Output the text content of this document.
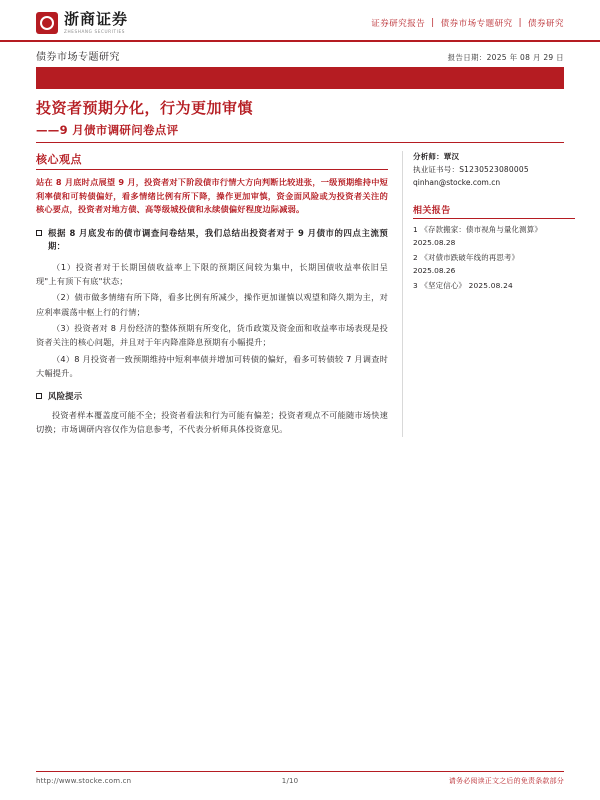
浙商证券
ZHESHANG SECURITIES
证券研究报告 | 债券市场专题研究 | 债券研究
债券市场专题研究	报告日期：2025 年 08 月 29 日
投资者预期分化，行为更加审慎
——9 月债市调研问卷点评
核心观点

站在 8 月底时点展望 9 月，投资者对下阶段债市行情大方向判断比较进张，一级预期维持中短利率债和可转债偏好，看多情绪比例有所下降，操作更加审慎，资金面风险或为投资者关注的核心要点，投资者对地方债、高等级城投债和永续债偏好程度边际减弱。

根据 8 月底发布的债市调查问卷结果，我们总结出投资者对于 9 月债市的四点主流预期：

（1）投资者对于长期国债收益率上下限的预期区间较为集中，长期国债收益率依旧呈现"上有顶下有底"状态；

（2）债市做多情绪有所下降，看多比例有所减少，操作更加谨慎以观望和降久期为主，对应利率震荡中枢上行的行情；

（3）投资者对 8 月份经济的整体预期有所变化，货币政策及资金面和收益率市场表现是投资者关注的核心问题，并且对于年内降准降息预期有小幅提升；

（4）8 月投资者一致预期维持中短利率债并增加可转债的偏好，看多可转债较 7 月调查时大幅提升。

风险提示

投资者样本覆盖度可能不全；投资者看法和行为可能有偏差；投资者观点不可能随市场快速切换；市场调研内容仅作为信息参考，不代表分析师具体投资意见。

分析师：覃汉
执业证书号：S1230523080005
qinhan@stocke.com.cn
相关报告
1 《存款搬家：债市视角与量化测算》
2025.08.28
2 《对债市跌破年线的再思考》
2025.08.26
3 《坚定信心》 2025.08.24
http://www.stocke.com.cn	1/10	请务必阅读正文之后的免责条款部分
